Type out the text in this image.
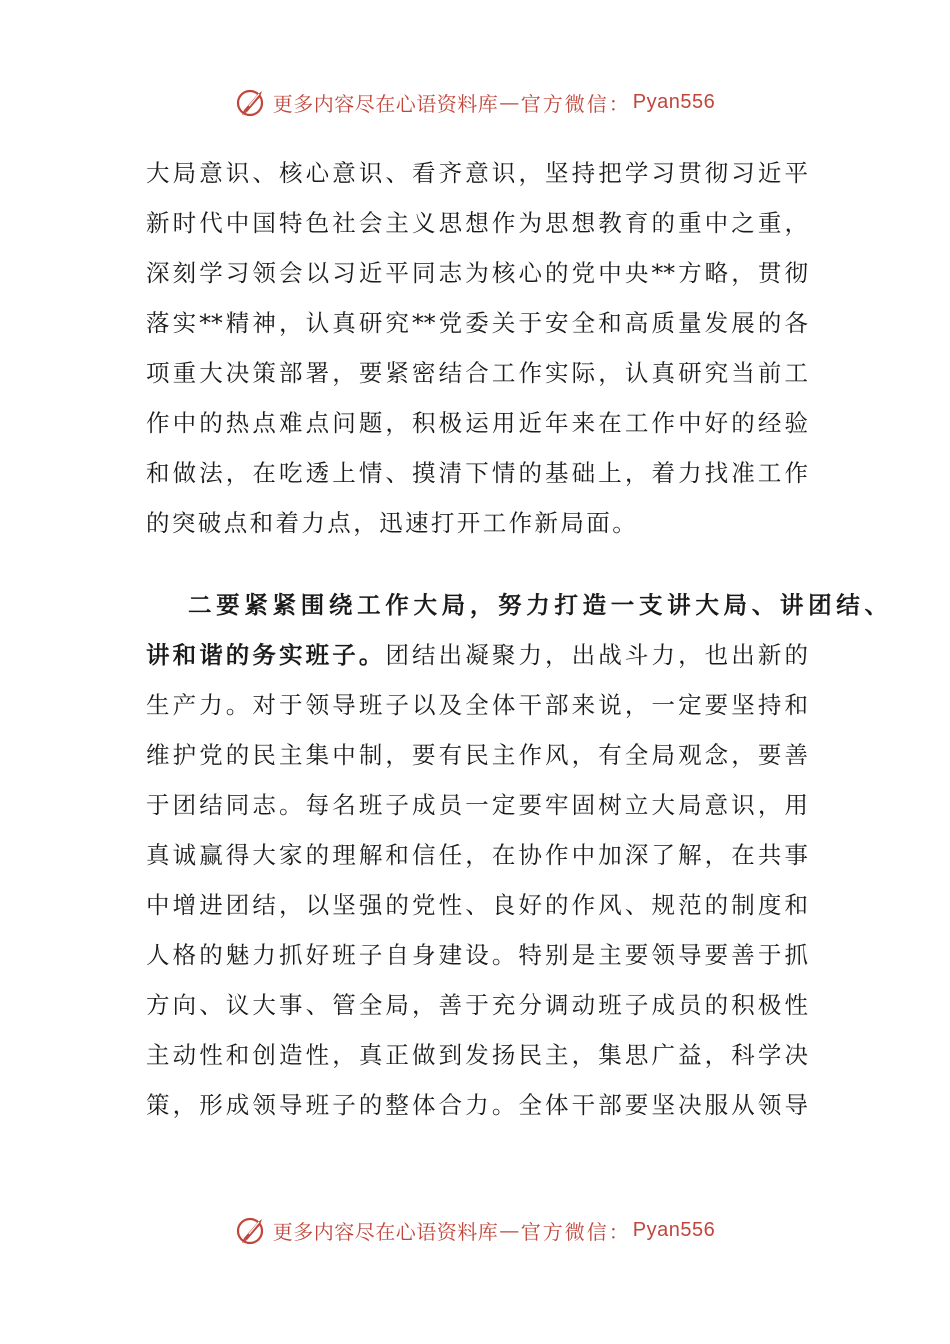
更多内容尽在心语资料库 — 官方微信： Pyan556
大局意识、核心意识、看齐意识，坚持把学习贯彻习近平
新时代中国特色社会主义思想作为思想教育的重中之重，
深刻学习领会以习近平同志为核心的党中央**方略，贯彻
落实**精神，认真研究**党委关于安全和高质量发展的各
项重大决策部署，要紧密结合工作实际，认真研究当前工
作中的热点难点问题，积极运用近年来在工作中好的经验
和做法，在吃透上情、摸清下情的基础上，着力找准工作
的突破点和着力点，迅速打开工作新局面。
二要紧紧围绕工作大局，努力打造一支讲大局、讲团结、
讲和谐的务实班子。团结出凝聚力，出战斗力，也出新的
生产力。对于领导班子以及全体干部来说，一定要坚持和
维护党的民主集中制，要有民主作风，有全局观念，要善
于团结同志。每名班子成员一定要牢固树立大局意识，用
真诚赢得大家的理解和信任，在协作中加深了解，在共事
中增进团结，以坚强的党性、良好的作风、规范的制度和
人格的魅力抓好班子自身建设。特别是主要领导要善于抓
方向、议大事、管全局，善于充分调动班子成员的积极性
主动性和创造性，真正做到发扬民主，集思广益，科学决
策，形成领导班子的整体合力。全体干部要坚决服从领导
更多内容尽在心语资料库 — 官方微信： Pyan556
